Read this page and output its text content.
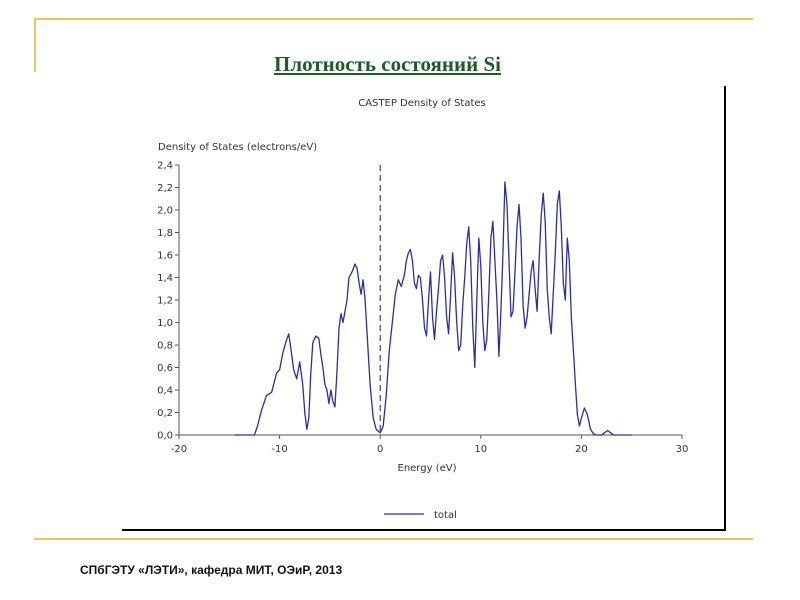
Плотность состояний Si
CASTEP Density of States
Density of States (electrons/eV)
Energy (eV)
0,0
0,2
0,4
0,6
0,8
1,0
1,2
1,4
1,6
1,8
2,0
2,2
2,4
-20	-10	0	10	20	30
total
СПбГЭТУ «ЛЭТИ», кафедра МИТ, ОЭиР, 2013
